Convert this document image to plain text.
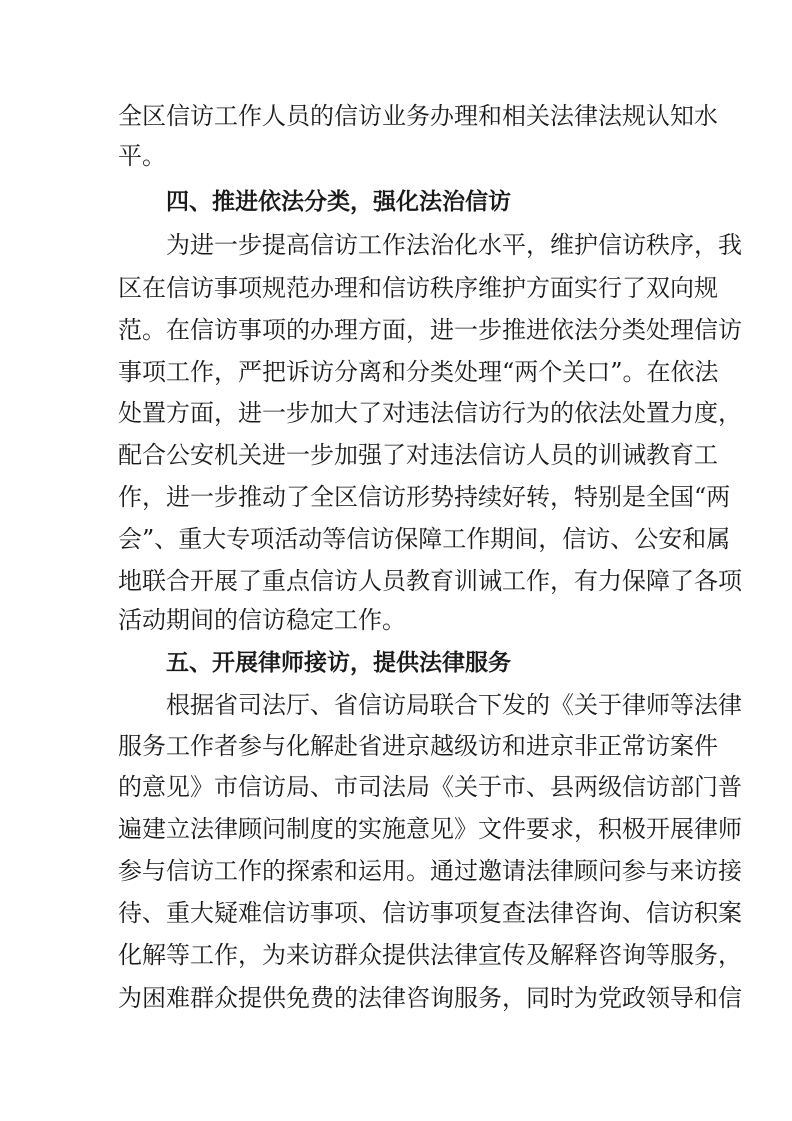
全区信访工作人员的信访业务办理和相关法律法规认知水
平。
四、推进依法分类，强化法治信访
为进一步提高信访工作法治化水平，维护信访秩序，我
区在信访事项规范办理和信访秩序维护方面实行了双向规
范。在信访事项的办理方面，进一步推进依法分类处理信访
事项工作，严把诉访分离和分类处理“两个关口”。在依法
处置方面，进一步加大了对违法信访行为的依法处置力度，
配合公安机关进一步加强了对违法信访人员的训诫教育工
作，进一步推动了全区信访形势持续好转，特别是全国“两
会”、重大专项活动等信访保障工作期间，信访、公安和属
地联合开展了重点信访人员教育训诫工作，有力保障了各项
活动期间的信访稳定工作。
五、开展律师接访，提供法律服务
根据省司法厅、省信访局联合下发的《关于律师等法律
服务工作者参与化解赴省进京越级访和进京非正常访案件
的意见》市信访局、市司法局《关于市、县两级信访部门普
遍建立法律顾问制度的实施意见》文件要求，积极开展律师
参与信访工作的探索和运用。通过邀请法律顾问参与来访接
待、重大疑难信访事项、信访事项复查法律咨询、信访积案
化解等工作，为来访群众提供法律宣传及解释咨询等服务，
为困难群众提供免费的法律咨询服务，同时为党政领导和信
